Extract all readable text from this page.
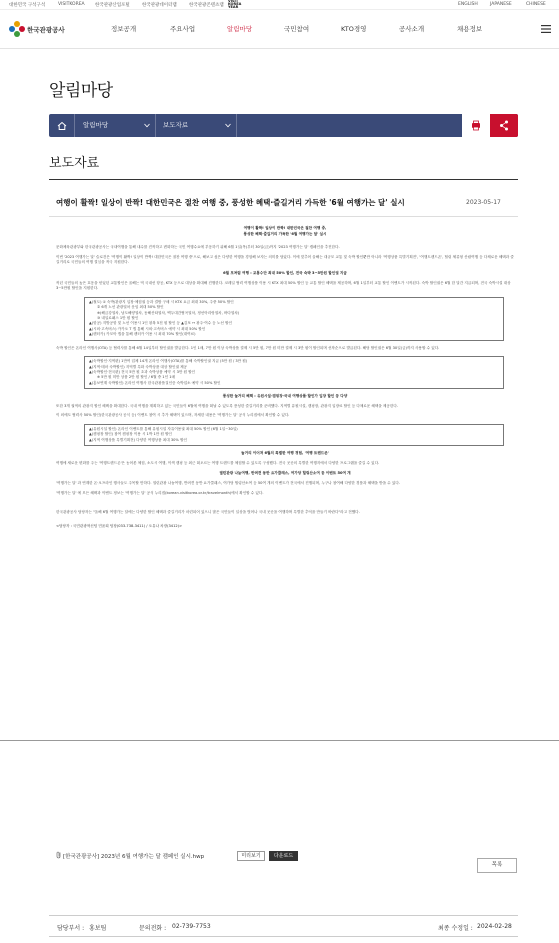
대한민국 구석구석	VISITKOREA 한국관광산업포털	한국관광데이터랩	한국관광콘텐츠랩
VISIT
KOREA
YEAR
ENGLISH	JAPANESE	CHINESE
한국관광공사	정보공개	주요사업	알림마당	국민참여	KTO경영	공사소개	채용정보
알림마당
알림마당	보도자료
보도자료
여행이 활짝! 일상이 반짝! 대한민국은 절찬 여행 중, 풍성한 혜택·즐길거리 가득한 '6월 여행가는 달' 실시	2023-05-17
여행이 활짝! 일상이 반짝! 대한민국은 절찬 여행 중,
풍성한 혜택·즐길거리 가득한 '6월 여행가는 달' 실시
문화체육관광부와 한국관광공사는 국내여행을 통해 내수를 진작하고 변화하는 국민 여행수요에 부응하기 위해 6월 1일(목)부터 30일(금)까지 '2023 여행가는 달' 캠페인을 추진한다.
이번 '2023 여행가는 달' 슬로건은 '여행이 활짝! 일상이 반짝! 대한민국은 절찬 여행 중'으로, 해보고 싶은 다양한 여행을 경험해 보자는 의미를 담았다. 이에 맞추어 올해는 대규모 교통 및 숙박 할인뿐만 아니라 '여행상품 특별기획전', '여행트렌드존', 힐링 체류형 산림여행 등 다채로운 혜택과 즐길거리로 국민들의 여행 결심을 적극 지원한다.
6월 모처럼 여행 : 교통수단 최대 50% 할인, 전국 숙박 3~5만원 할인권 지급
작년 국민들의 높은 호응을 얻었던 교통할인은 올해는 역 국내선 항공, KTX 등으로 대상을 확대해 진행한다. 코레일 협력 여행상품 이용 시 KTX 최대 50% 할인 등 교통 할인 혜택을 제공하며, 6월 1일부터 교통 할인 이벤트가 시작된다. 숙박 할인권은 6월 한 달간 지급되며, 전국 숙박시설 대상 3~5만원 할인을 지원한다.
▲(철도) ① 숙박/관광지 입장·체험권 등과 결합 구매 시 KTX 요금 최대 30%, 주중 50% 할인
② 6개 노선 관광열차 운임 최대 50% 할인
※(해금강열차, 남도해양열차, 동해산타열차, 백두대간협곡열차, 정선아리랑열차, 바다열차)
③ 내일로패스 1만 원 할인
▲(항공) 지방공항 및 노선 이용시 1인 왕복 5천 원 할인 등 ▲김포 ↔ 광주·여수 등 노선 할인
▲(시외·고속버스) 카카오 T 앱 통해 시외·고속버스 예약 시 최대 50% 할인
▲(렌터카) 카모아 앱을 통해 렌터카 이용 시 최대 70% 할인(대여료)
숙박 할인은 온라인 여행사(OTA) 등 협력사를 통해 6월 14일부터 할인권을 발급한다. 1인 1매, 7만 원 이상 숙박상품 결제 시 5만 원, 7만 원 미만 결제 시 3만 원이 할인되며 선착순으로 발급된다. 해당 할인권은 6월 30일(금)까지 사용할 수 있다.
▲(숙박할인·지역편) 1만여 업체 14개 온라인 여행사(OTA)를 통해 숙박할인권 지급 (5만 원 / 3만 원)
▲(지역·테마 숙박할인) 지역별 특화 숙박상품 대상 할인권 제공
▲(숙박할인·전국편) 전국 5만 원 초과 숙박상품 예약 시 3만 원 할인
※ 5만 원 미만 상품 2만 원 할인 / 6월 중 1인 1매
▲(홍보연계 숙박할인) 온라인 여행사 한국관광품질인증 숙박업소 예약 시 50% 할인
풍성한 놀거리 혜택 : 유원시설·캠핑장·국내 여행상품·할인가 입장 할인 등 다양
또한 3개 권역의 관광지 할인 혜택을 확대한다. 국내 여행을 계획하고 있는 국민들이 6월에 여행을 떠날 수 있도록 풍성한 즐길거리를 준비했다. 지역별 유원시설, 캠핑장, 관광지 입장료 할인 등 다채로운 혜택을 제공한다.
이 외에도 협력사 50% 할인(한국관광공사 공식 등) 이벤트 참여 시 추가 혜택이 있으며, 자세한 내용은 '여행가는 달' 공식 누리집에서 확인할 수 있다.
▲(유원시설 할인) 온라인 이벤트를 통해 유원시설 자유이용권 최대 50% 할인 (6월 1일~30일)
▲(캠핑장 할인) 참여 캠핑장 이용 시 1박 1만 원 할인
▲(지역 여행상품 특별기획전) 다양한 여행상품 최대 30% 할인
놀거리 이어져 6월의 특별한 여행 경험, '여행 트렌드존'
여행에 새로운 변화를 주는 '여행트렌드존'은 농어촌 체험, 소도시 여행, 이색 캠핑 등 최근 떠오르는 여행 트렌드를 체험할 수 있도록 구성했다. 전국 곳곳의 특별한 여행지에서 다양한 프로그램을 즐길 수 있다.
열린관광 나눔여행, 반려견 동반 요가클래스, 여가당 힐링산소여 등 이벤트 50여 개
'여행가는 달' 과 연계한 온·오프라인 행사들도 주목할 만하다. 열린관광 나눔여행, 반려견 동반 요가클래스, 여가당 힐링산소여 등 50여 개의 이벤트가 전국에서 진행되며, 누구나 참여해 다양한 경품과 혜택을 받을 수 있다.
'여행가는 달' 에 모든 혜택과 이벤트 정보는 '여행가는 달' 공식 누리집(korean.visitkorea.or.kr/travelmonth)에서 확인할 수 있다.
한국관광공사 담당자는 "올해 6월 여행가는 달에는 다양한 할인 혜택과 즐길거리가 마련되어 있으니 많은 국민들이 일상을 벗어나 국내 곳곳을 여행하며 특별한 추억을 만들기 바란다"라고 전했다.
<담당자 : 국민관광혁신팀 민윤희 팀장(033-738-3411) / 오유나 차장(3412)>
[한국관광공사] 2023년 6월 여행가는 달 캠페인 실시.hwp	미리보기	다운로드
목록
담당부서 : 홍보팀	문의전화 : 02-739-7753	최종 수정일 : 2024-02-28
